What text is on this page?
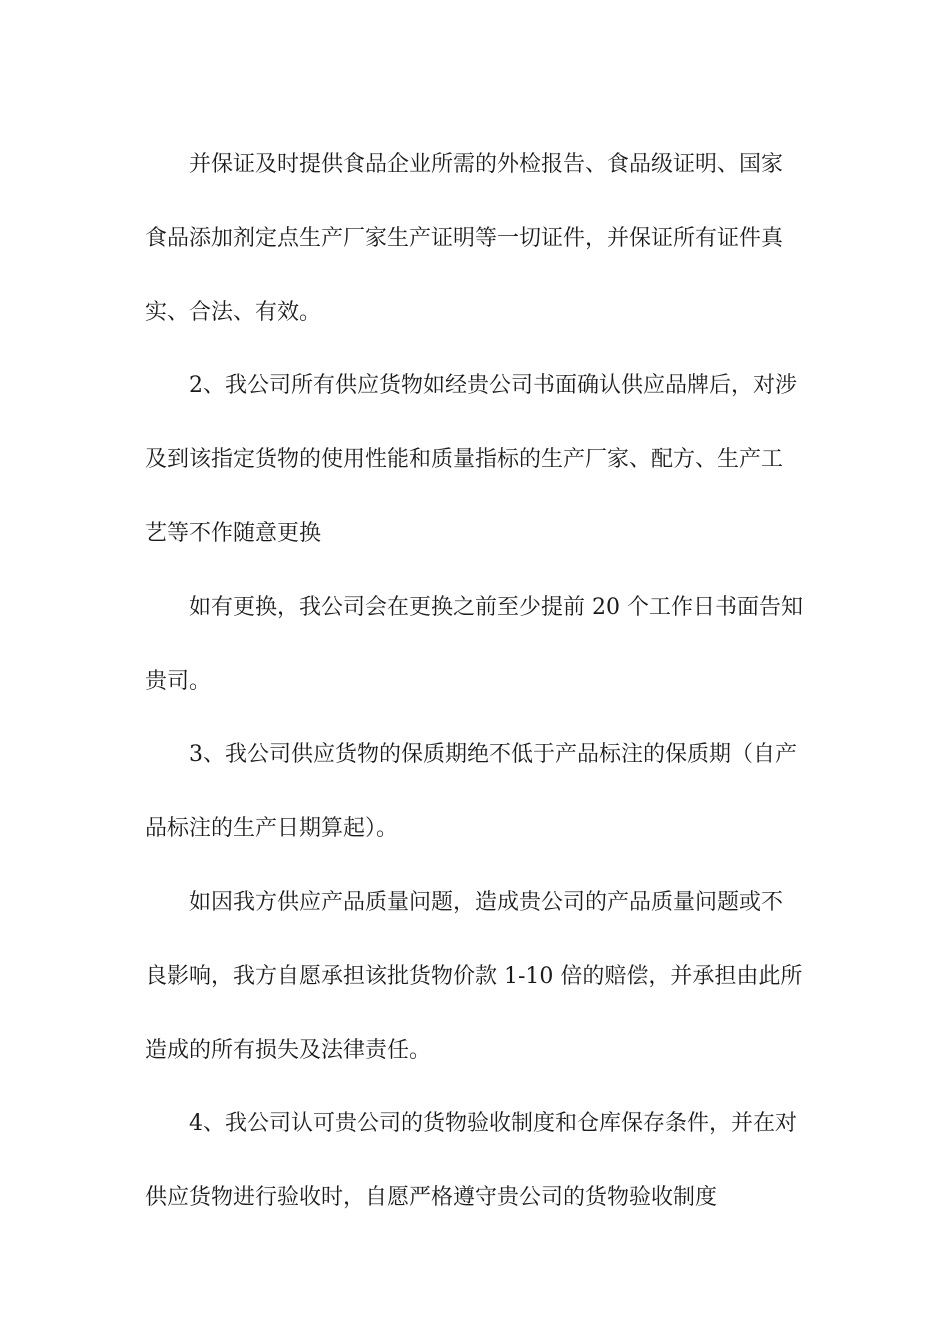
并保证及时提供食品企业所需的外检报告、食品级证明、国家
食品添加剂定点生产厂家生产证明等一切证件，并保证所有证件真
实、合法、有效。
2、我公司所有供应货物如经贵公司书面确认供应品牌后，对涉
及到该指定货物的使用性能和质量指标的生产厂家、配方、生产工
艺等不作随意更换
如有更换，我公司会在更换之前至少提前 20 个工作日书面告知
贵司。
3、我公司供应货物的保质期绝不低于产品标注的保质期（自产
品标注的生产日期算起）。
如因我方供应产品质量问题，造成贵公司的产品质量问题或不
良影响，我方自愿承担该批货物价款 1-10 倍的赔偿，并承担由此所
造成的所有损失及法律责任。
4、我公司认可贵公司的货物验收制度和仓库保存条件，并在对
供应货物进行验收时，自愿严格遵守贵公司的货物验收制度
